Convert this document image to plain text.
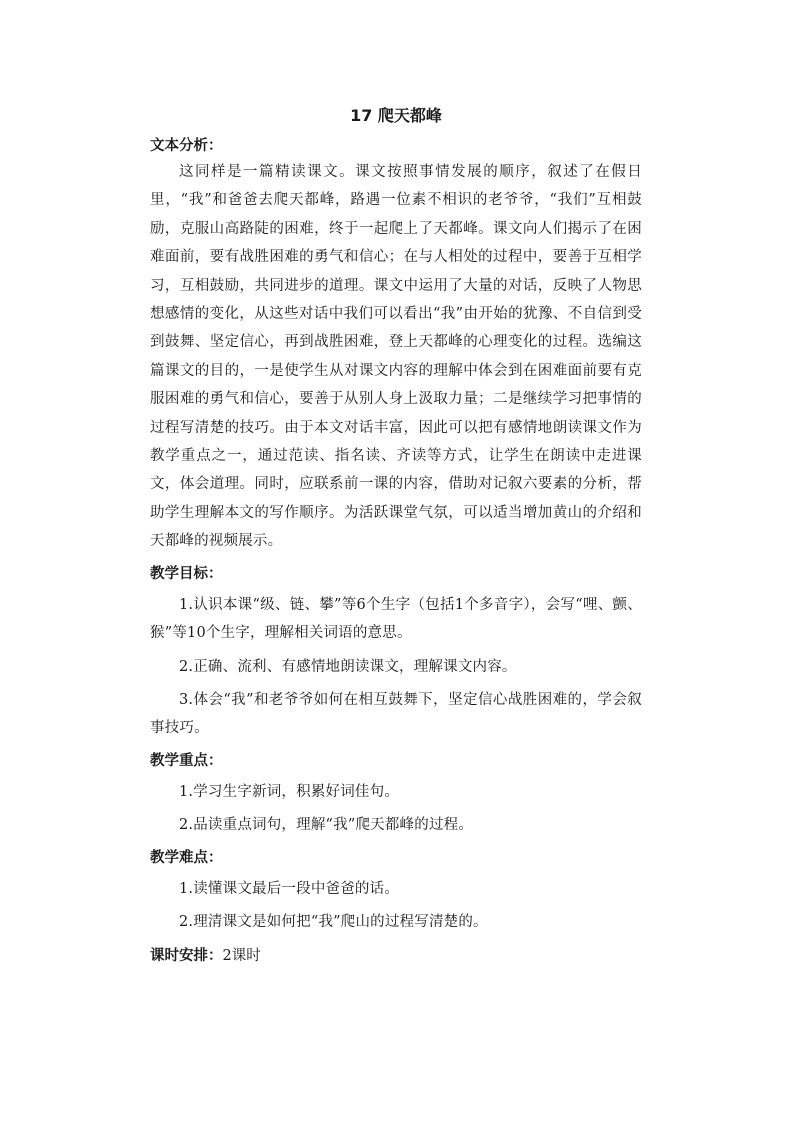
17 爬天都峰
文本分析：

这同样是一篇精读课文。课文按照事情发展的顺序，叙述了在假日里，“我”和爸爸去爬天都峰，路遇一位素不相识的老爷爷，“我们”互相鼓励，克服山高路陡的困难，终于一起爬上了天都峰。课文向人们揭示了在困难面前，要有战胜困难的勇气和信心；在与人相处的过程中，要善于互相学习，互相鼓励，共同进步的道理。课文中运用了大量的对话，反映了人物思想感情的变化，从这些对话中我们可以看出“我”由开始的犹豫、不自信到受到鼓舞、坚定信心，再到战胜困难，登上天都峰的心理变化的过程。选编这篇课文的目的，一是使学生从对课文内容的理解中体会到在困难面前要有克服困难的勇气和信心，要善于从别人身上汲取力量；二是继续学习把事情的过程写清楚的技巧。由于本文对话丰富，因此可以把有感情地朗读课文作为教学重点之一，通过范读、指名读、齐读等方式，让学生在朗读中走进课文，体会道理。同时，应联系前一课的内容，借助对记叙六要素的分析，帮助学生理解本文的写作顺序。为活跃课堂气氛，可以适当增加黄山的介绍和天都峰的视频展示。

教学目标：

1.认识本课“级、链、攀”等6个生字（包括1个多音字），会写“哩、颤、猴”等10个生字，理解相关词语的意思。

2.正确、流利、有感情地朗读课文，理解课文内容。

3.体会“我”和老爷爷如何在相互鼓舞下，坚定信心战胜困难的，学会叙事技巧。

教学重点：

1.学习生字新词，积累好词佳句。

2.品读重点词句，理解“我”爬天都峰的过程。

教学难点：

1.读懂课文最后一段中爸爸的话。

2.理清课文是如何把“我”爬山的过程写清楚的。

课时安排：2课时
